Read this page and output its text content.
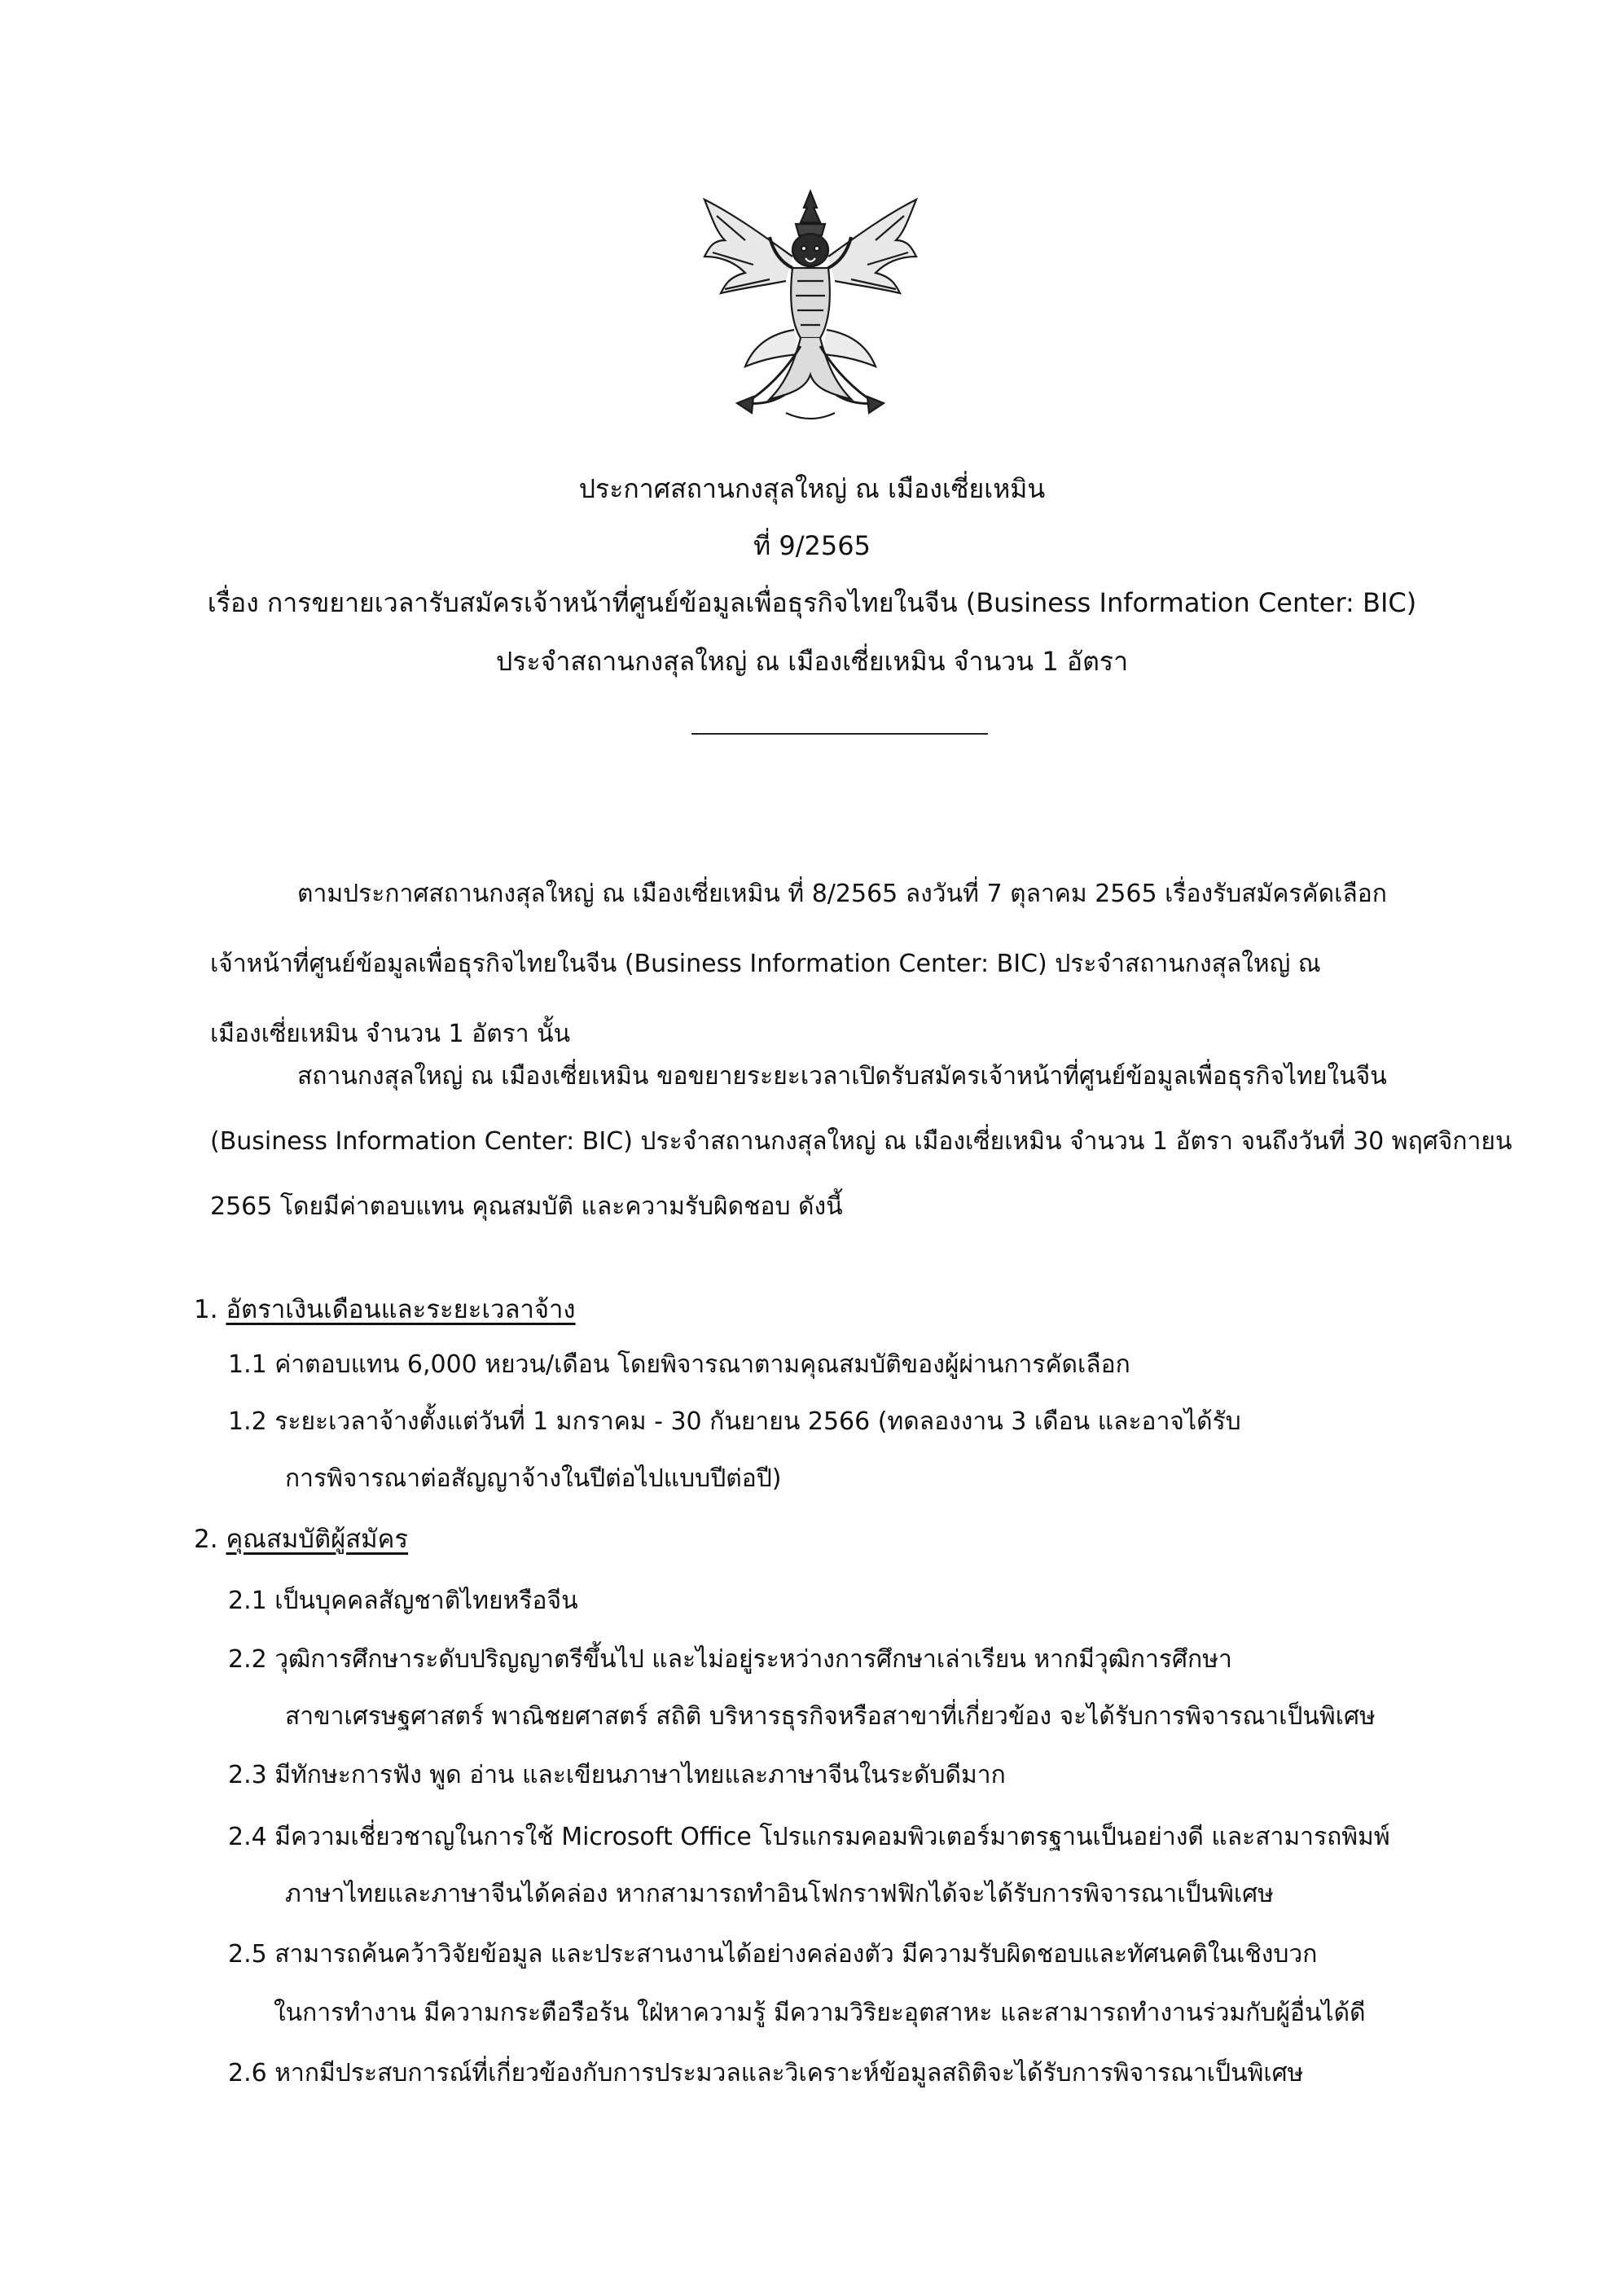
ประกาศสถานกงสุลใหญ่ ณ เมืองเซี่ยเหมิน
ที่ 9/2565
เรื่อง การขยายเวลารับสมัครเจ้าหน้าที่ศูนย์ข้อมูลเพื่อธุรกิจไทยในจีน (Business Information Center: BIC)
ประจำสถานกงสุลใหญ่ ณ เมืองเซี่ยเหมิน จำนวน 1 อัตรา
ตามประกาศสถานกงสุลใหญ่ ณ เมืองเซี่ยเหมิน ที่ 8/2565 ลงวันที่ 7 ตุลาคม 2565 เรื่องรับสมัครคัดเลือก
เจ้าหน้าที่ศูนย์ข้อมูลเพื่อธุรกิจไทยในจีน (Business Information Center: BIC) ประจำสถานกงสุลใหญ่ ณ
เมืองเซี่ยเหมิน จำนวน 1 อัตรา นั้น
สถานกงสุลใหญ่ ณ เมืองเซี่ยเหมิน ขอขยายระยะเวลาเปิดรับสมัครเจ้าหน้าที่ศูนย์ข้อมูลเพื่อธุรกิจไทยในจีน
(Business Information Center: BIC) ประจำสถานกงสุลใหญ่ ณ เมืองเซี่ยเหมิน จำนวน 1 อัตรา จนถึงวันที่ 30 พฤศจิกายน
2565 โดยมีค่าตอบแทน คุณสมบัติ และความรับผิดชอบ ดังนี้
1. อัตราเงินเดือนและระยะเวลาจ้าง
1.1 ค่าตอบแทน 6,000 หยวน/เดือน โดยพิจารณาตามคุณสมบัติของผู้ผ่านการคัดเลือก
1.2 ระยะเวลาจ้างตั้งแต่วันที่ 1 มกราคม - 30 กันยายน 2566 (ทดลองงาน 3 เดือน และอาจได้รับ
การพิจารณาต่อสัญญาจ้างในปีต่อไปแบบปีต่อปี)
2. คุณสมบัติผู้สมัคร
2.1 เป็นบุคคลสัญชาติไทยหรือจีน
2.2 วุฒิการศึกษาระดับปริญญาตรีขึ้นไป และไม่อยู่ระหว่างการศึกษาเล่าเรียน หากมีวุฒิการศึกษา
สาขาเศรษฐศาสตร์ พาณิชยศาสตร์ สถิติ บริหารธุรกิจหรือสาขาที่เกี่ยวข้อง จะได้รับการพิจารณาเป็นพิเศษ
2.3 มีทักษะการฟัง พูด อ่าน และเขียนภาษาไทยและภาษาจีนในระดับดีมาก
2.4 มีความเชี่ยวชาญในการใช้ Microsoft Office โปรแกรมคอมพิวเตอร์มาตรฐานเป็นอย่างดี และสามารถพิมพ์
ภาษาไทยและภาษาจีนได้คล่อง หากสามารถทำอินโฟกราฟฟิกได้จะได้รับการพิจารณาเป็นพิเศษ
2.5 สามารถค้นคว้าวิจัยข้อมูล และประสานงานได้อย่างคล่องตัว มีความรับผิดชอบและทัศนคติในเชิงบวก
ในการทำงาน มีความกระตือรือร้น ใฝ่หาความรู้ มีความวิริยะอุตสาหะ และสามารถทำงานร่วมกับผู้อื่นได้ดี
2.6 หากมีประสบการณ์ที่เกี่ยวข้องกับการประมวลและวิเคราะห์ข้อมูลสถิติจะได้รับการพิจารณาเป็นพิเศษ
